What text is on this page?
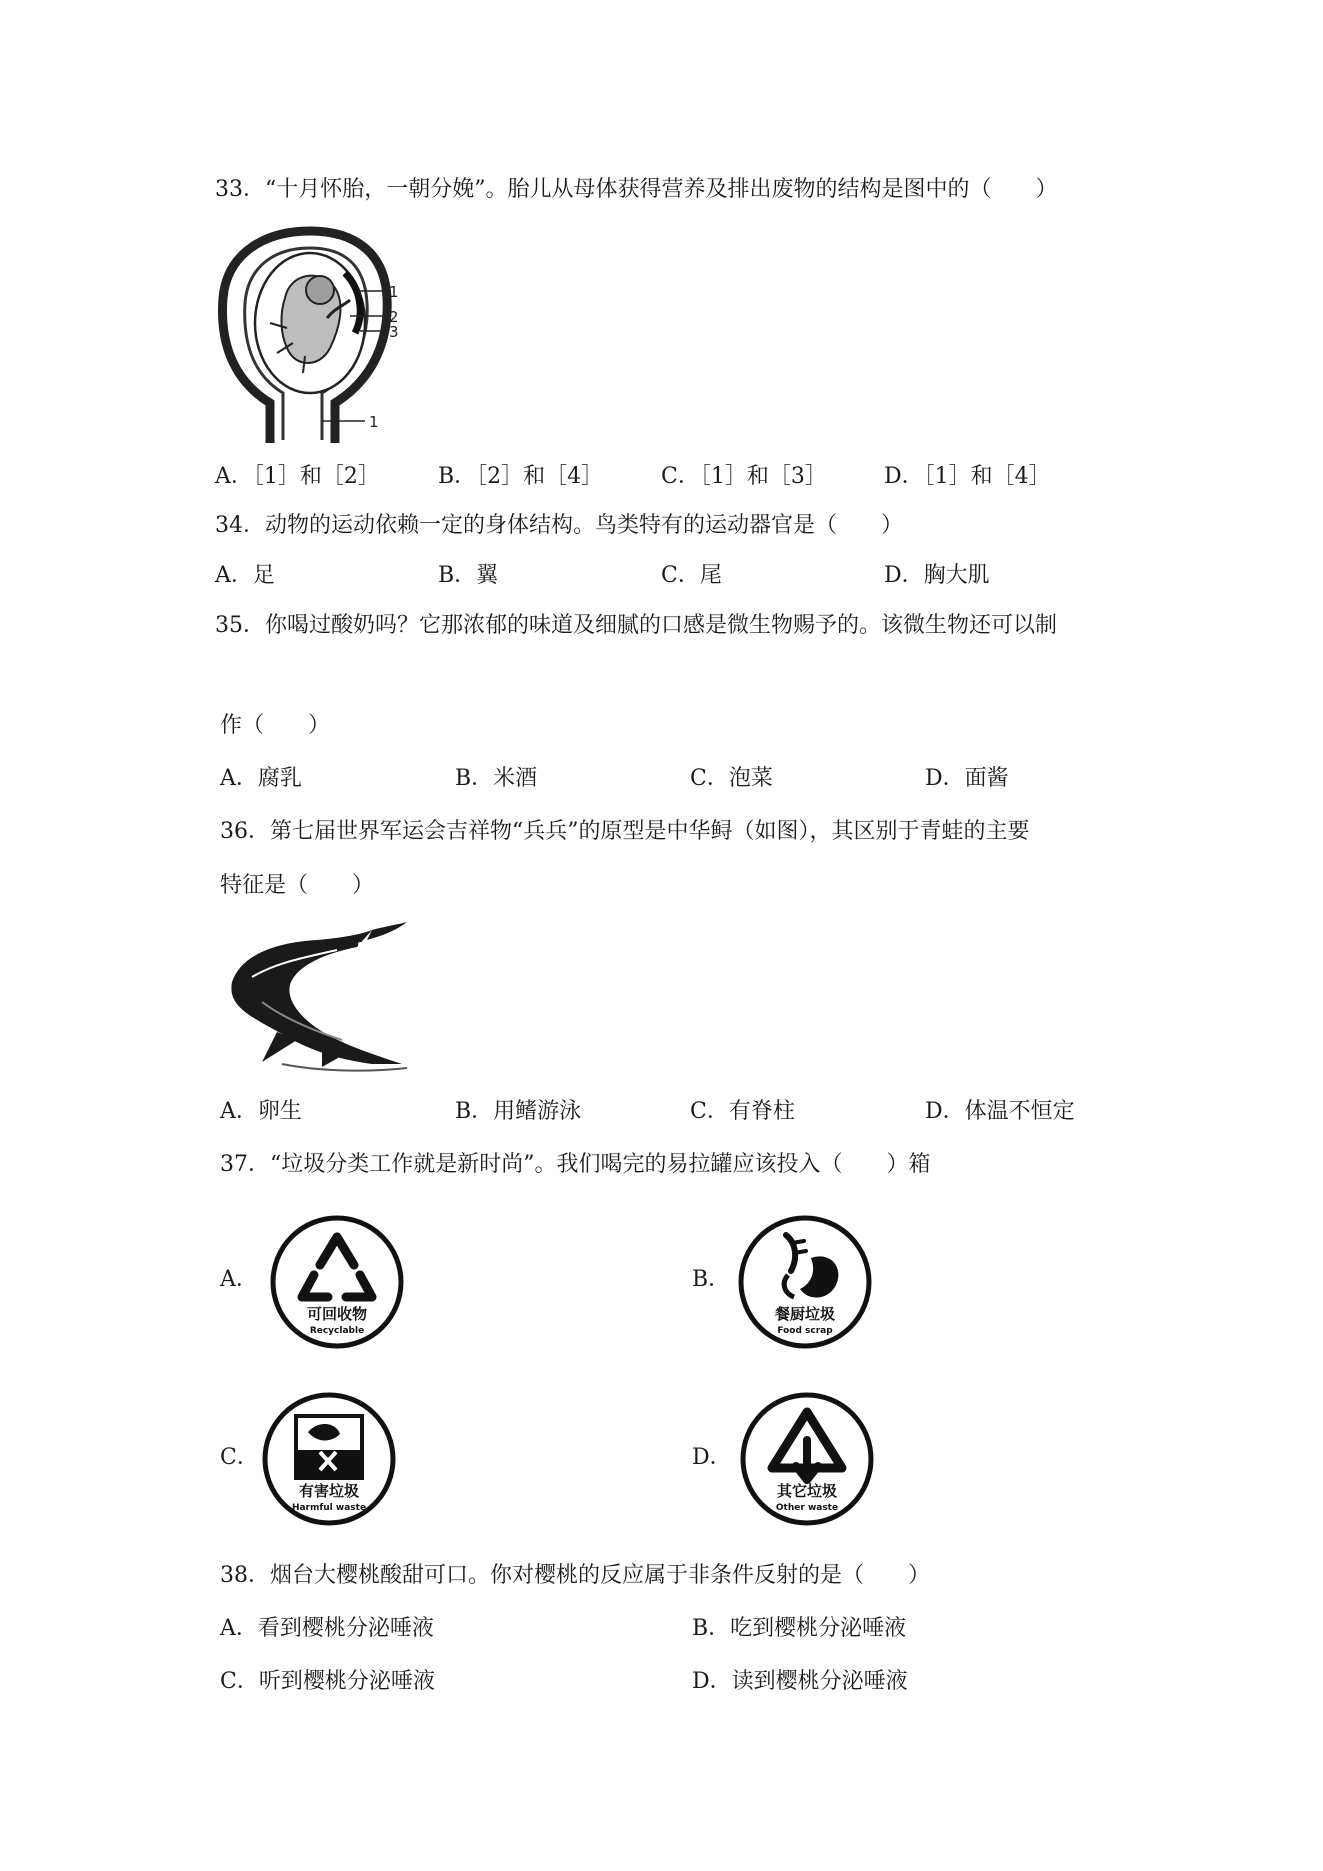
33．“十月怀胎，一朝分娩”。胎儿从母体获得营养及排出废物的结构是图中的（　　）
1
2
3
1
A．［1］和［2］	B．［2］和［4］	C．［1］和［3］	D．［1］和［4］
34．动物的运动依赖一定的身体结构。鸟类特有的运动器官是（　　）
A．足	B．翼	C．尾	D．胸大肌
35．你喝过酸奶吗？它那浓郁的味道及细腻的口感是微生物赐予的。该微生物还可以制
作（　　）
A．腐乳	B．米酒	C．泡菜	D．面酱
36．第七届世界军运会吉祥物“兵兵”的原型是中华鲟（如图），其区别于青蛙的主要
特征是（　　）
A．卵生	B．用鳍游泳	C．有脊柱	D．体温不恒定
37．“垃圾分类工作就是新时尚”。我们喝完的易拉罐应该投入（　　）箱
A．
可回收物
Recyclable
B．
餐厨垃圾
Food scrap
C．
有害垃圾
Harmful waste
D．
其它垃圾
Other waste
38．烟台大樱桃酸甜可口。你对樱桃的反应属于非条件反射的是（　　）
A．看到樱桃分泌唾液	B．吃到樱桃分泌唾液
C．听到樱桃分泌唾液	D．读到樱桃分泌唾液
